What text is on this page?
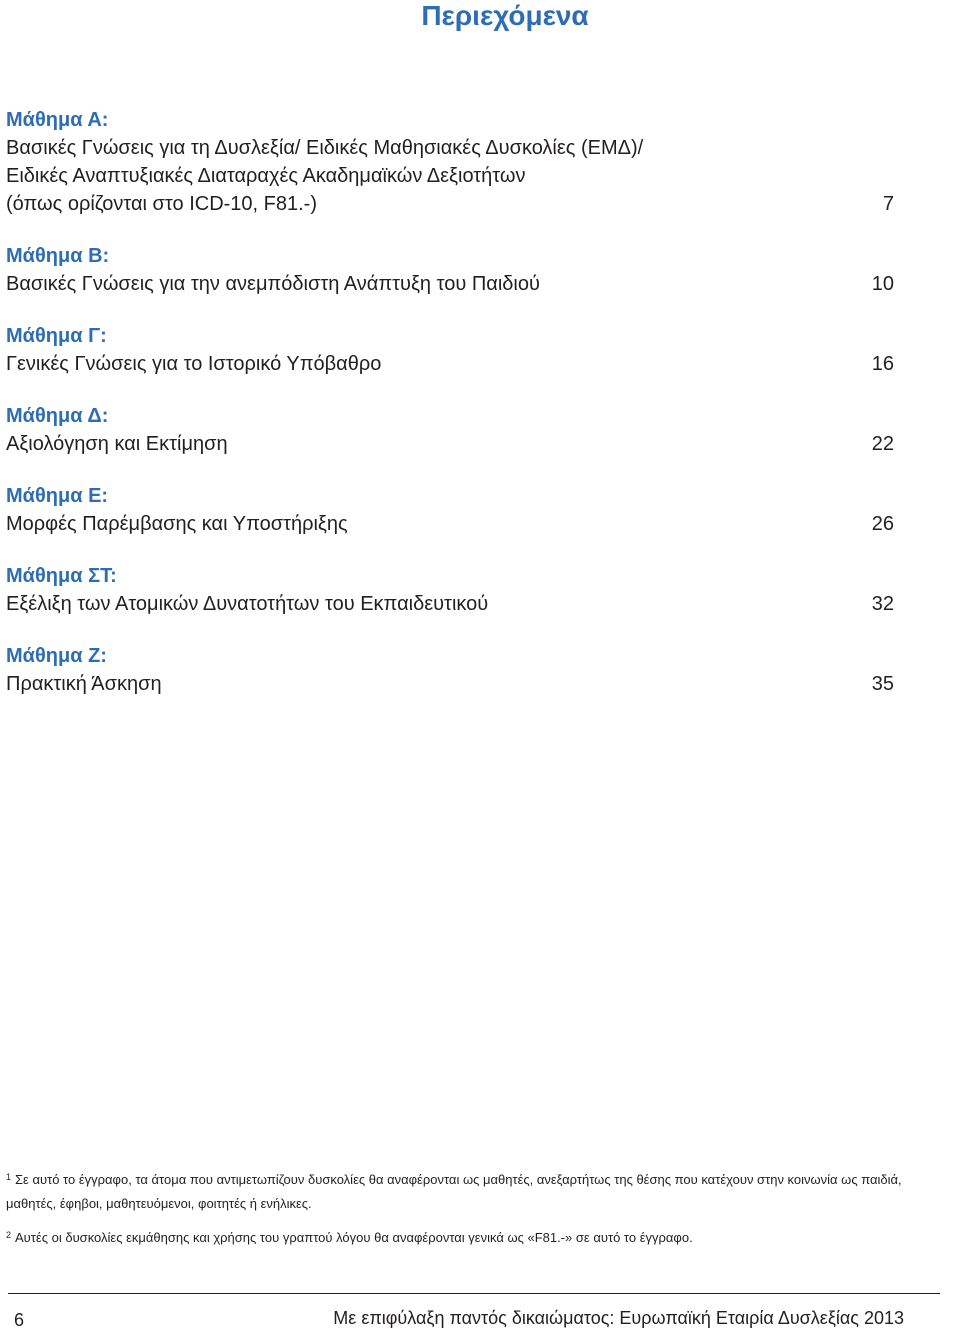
Περιεχόμενα
Μάθημα Α:
Βασικές Γνώσεις για τη Δυσλεξία/ Ειδικές Μαθησιακές Δυσκολίες (ΕΜΔ)/
Ειδικές Αναπτυξιακές Διαταραχές Ακαδημαϊκών Δεξιοτήτων
(όπως ορίζονται στο ICD-10, F81.-)	7
Μάθημα Β:
Βασικές Γνώσεις για την ανεμπόδιστη Ανάπτυξη του Παιδιού	10
Μάθημα Γ:
Γενικές Γνώσεις για το Ιστορικό Υπόβαθρο	16
Μάθημα Δ:
Αξιολόγηση και Εκτίμηση	22
Μάθημα Ε:
Μορφές Παρέμβασης και Υποστήριξης	26
Μάθημα ΣΤ:
Εξέλιξη των Ατομικών Δυνατοτήτων του Εκπαιδευτικού	32
Μάθημα Ζ:
Πρακτική Άσκηση	35
$^1$ Σε αυτό το έγγραφο, τα άτομα που αντιμετωπίζουν δυσκολίες θα αναφέρονται ως μαθητές, ανεξαρτήτως της θέσης που κατέχουν στην κοινωνία ως παιδιά, μαθητές, έφηβοι, μαθητευόμενοι, φοιτητές ή ενήλικες.
$^2$ Αυτές οι δυσκολίες εκμάθησης και χρήσης του γραπτού λόγου θα αναφέρονται γενικά ως «F81.-» σε αυτό το έγγραφο.
6	Με επιφύλαξη παντός δικαιώματος: Ευρωπαϊκή Εταιρία Δυσλεξίας 2013
